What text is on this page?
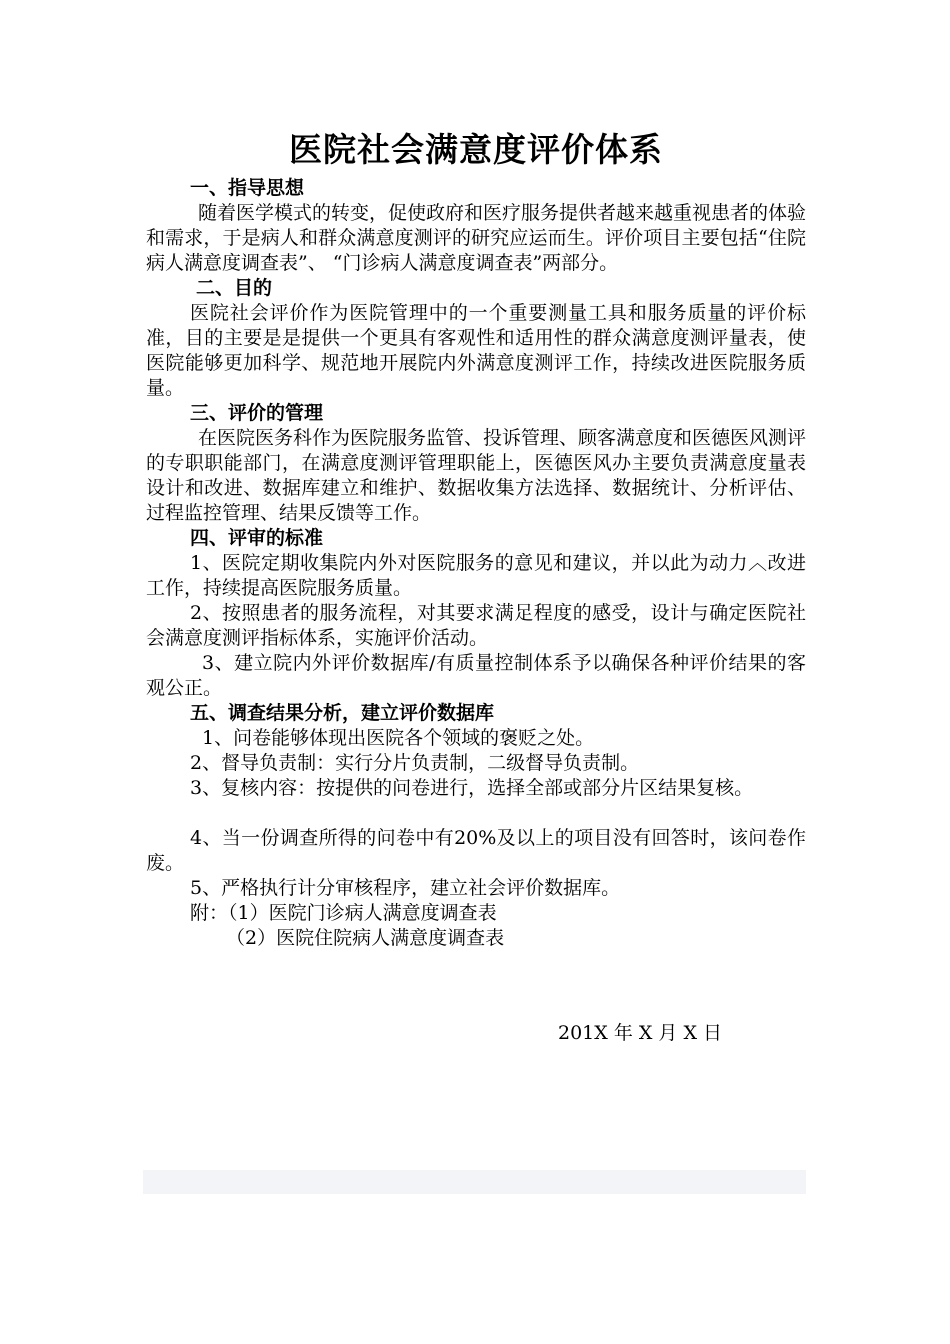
医院社会满意度评价体系

一、指导思想

随着医学模式的转变，促使政府和医疗服务提供者越来越重视患者的体验和需求，于是病人和群众满意度测评的研究应运而生。评价项目主要包括“住院病人满意度调查表”、 “门诊病人满意度调查表”两部分。

二、目的

医院社会评价作为医院管理中的一个重要测量工具和服务质量的评价标准，目的主要是是提供一个更具有客观性和适用性的群众满意度测评量表，使医院能够更加科学、规范地开展院内外满意度测评工作，持续改进医院服务质量。

三、评价的管理

在医院医务科作为医院服务监管、投诉管理、顾客满意度和医德医风测评的专职职能部门，在满意度测评管理职能上，医德医风办主要负责满意度量表设计和改进、数据库建立和维护、数据收集方法选择、数据统计、分析评估、过程监控管理、结果反馈等工作。

四、评审的标准

1、医院定期收集院内外对医院服务的意见和建议，并以此为动力︿改进工作，持续提高医院服务质量。

2、按照患者的服务流程，对其要求满足程度的感受，设计与确定医院社会满意度测评指标体系，实施评价活动。

3、建立院内外评价数据库/有质量控制体系予以确保各种评价结果的客观公正。

五、调查结果分析，建立评价数据库

1、问卷能够体现出医院各个领域的褒贬之处。

2、督导负责制：实行分片负责制，二级督导负责制。

3、复核内容：按提供的问卷进行，选择全部或部分片区结果复核。

4、当一份调查所得的问卷中有20%及以上的项目没有回答时，该问卷作废。

5、严格执行计分审核程序，建立社会评价数据库。

附：（1）医院门诊病人满意度调查表

（2）医院住院病人满意度调查表

201X 年 X 月 X 日
